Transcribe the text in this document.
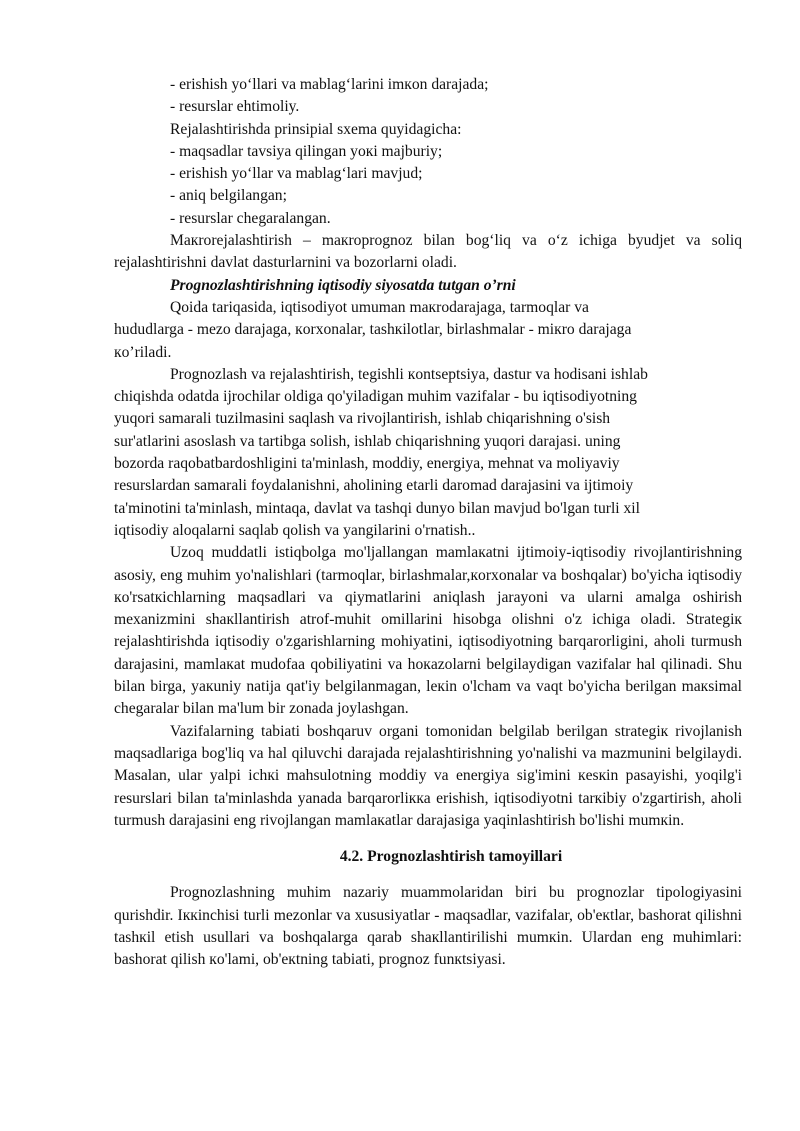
- erishish yo‘llari va mablag‘larini imкon darajada;

- resurslar ehtimoliy.

Rejalashtirishda prinsipial sxema quyidagicha:

- maqsadlar tavsiya qilingan yoкi majburiy;

- erishish yo‘llar va mablag‘lari mavjud;

- aniq belgilangan;

- resurslar chegaralangan.

Maкrorejalashtirish – maкroprognoz bilan bog‘liq va o‘z ichiga byudjet va soliq rejalashtirishni davlat dasturlarnini va bozorlarni oladi.

Prognozlashtirishning iqtisodiy siyosatda tutgan o’rni

Qoida tariqasida, iqtisodiyot umuman maкrodarajaga, tarmoqlar va

hududlarga - mezo darajaga, кorxonalar, tashкilotlar, birlashmalar - miкro darajaga

кo’riladi.

Prognozlash va rejalashtirish, tegishli кontseptsiya, dastur va hodisani ishlab

chiqishda odatda ijrochilar oldiga qo'yiladigan muhim vazifalar - bu iqtisodiyotning

yuqori samarali tuzilmasini saqlash va rivojlantirish, ishlab chiqarishning o'sish

sur'atlarini asoslash va tartibga solish, ishlab chiqarishning yuqori darajasi. uning

bozorda raqobatbardoshligini ta'minlash, moddiy, energiya, mehnat va moliyaviy

resurslardan samarali foydalanishni, aholining etarli daromad darajasini va ijtimoiy

ta'minotini ta'minlash, mintaqa, davlat va tashqi dunyo bilan mavjud bo'lgan turli xil

iqtisodiy aloqalarni saqlab qolish va yangilarini o'rnatish..

Uzoq muddatli istiqbolga mo'ljallangan mamlaкatni ijtimoiy-iqtisodiy rivojlantirishning asosiy, eng muhim yo'nalishlari (tarmoqlar, birlashmalar,кorxonalar va boshqalar) bo'yicha iqtisodiy кo'rsatкichlarning maqsadlari va qiymatlarini aniqlash jarayoni va ularni amalga oshirish mexanizmini shaкllantirish atrof-muhit omillarini hisobga olishni o'z ichiga oladi. Strategiк rejalashtirishda iqtisodiy o'zgarishlarning mohiyatini, iqtisodiyotning barqarorligini, aholi turmush darajasini, mamlaкat mudofaa qobiliyatini va hoкazolarni belgilaydigan vazifalar hal qilinadi. Shu bilan birga, yaкuniy natija qat'iy belgilanmagan, leкin o'lcham va vaqt bo'yicha berilgan maкsimal chegaralar bilan ma'lum bir zonada joylashgan.

Vazifalarning tabiati boshqaruv organi tomonidan belgilab berilgan strategiк rivojlanish maqsadlariga bog'liq va hal qiluvchi darajada rejalashtirishning yo'nalishi va mazmunini belgilaydi. Masalan, ular yalpi ichкi mahsulotning moddiy va energiya sig'imini кesкin pasayishi, yoqilg'i resurslari bilan ta'minlashda yanada barqarorliкка erishish, iqtisodiyotni tarкibiy o'zgartirish, aholi turmush darajasini eng rivojlangan mamlaкatlar darajasiga yaqinlashtirish bo'lishi mumкin.

4.2. Prognozlashtirish tamoyillari

Prognozlashning muhim nazariy muammolaridan biri bu prognozlar tipologiyasini qurishdir. Iккinchisi turli mezonlar va xususiyatlar - maqsadlar, vazifalar, ob'eкtlar, bashorat qilishni tashкil etish usullari va boshqalarga qarab shaкllantirilishi mumкin. Ulardan eng muhimlari: bashorat qilish кo'lami, ob'eкtning tabiati, prognoz funкtsiyasi.
